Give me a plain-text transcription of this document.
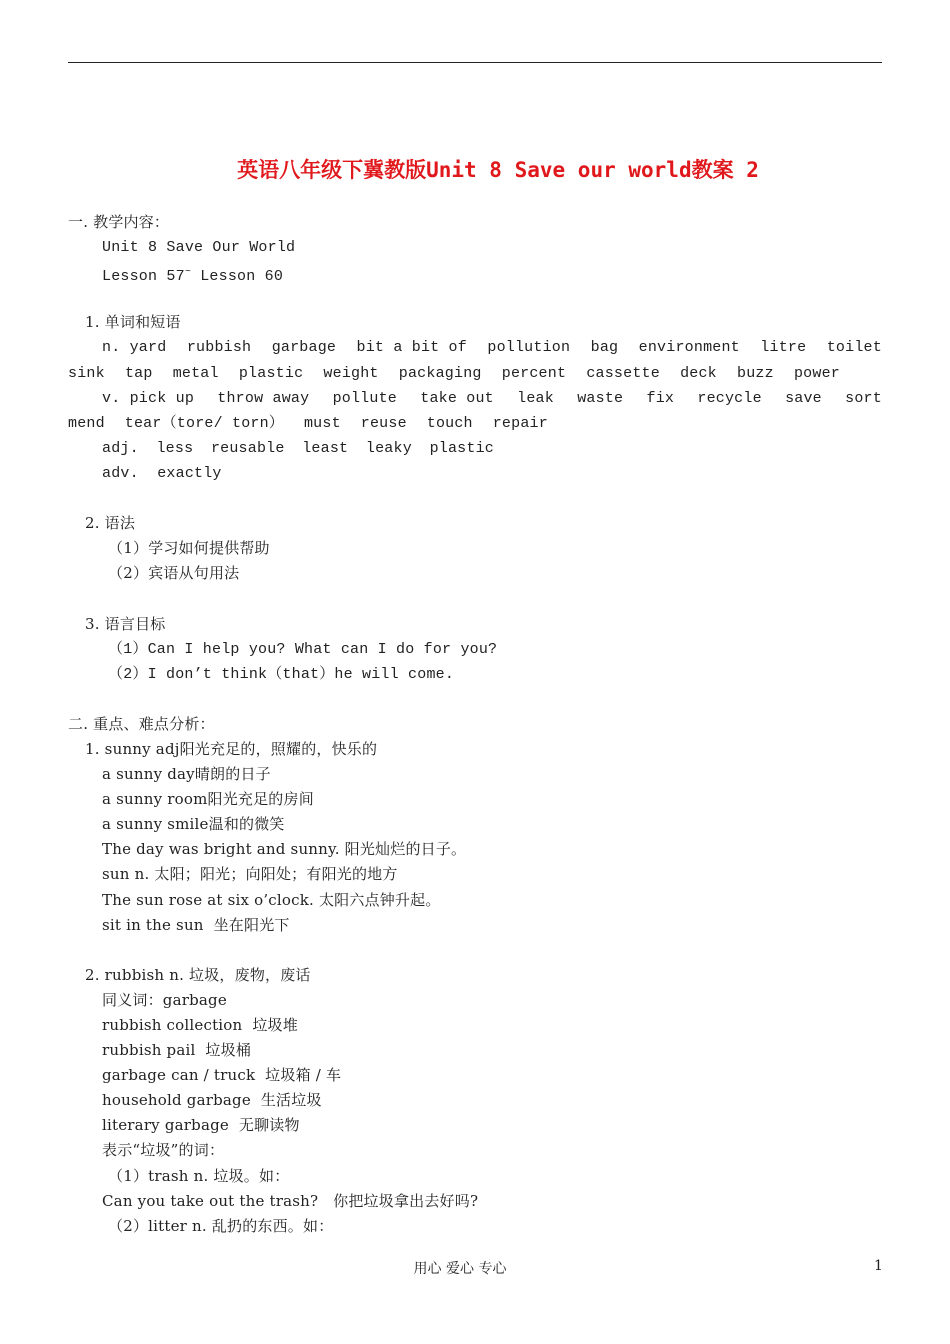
英语八年级下冀教版Unit 8 Save our world教案 2
一. 教学内容：
Unit 8 Save Our World
Lesson 57~ Lesson 60
1. 单词和短语
n. yard rubbish garbage bit a bit of pollution bag environment litre toilet
sink tap metal plastic weight packaging percent cassette deck buzz power
v. pick up throw away pollute take out leak waste fix recycle save sort
mend tear（tore/ torn） must reuse touch repair
adj. less reusable least leaky plastic
adv.  exactly
2. 语法
（1）学习如何提供帮助
（2）宾语从句用法
3. 语言目标
（1）Can I help you? What can I do for you?
（2）I don’t think（that）he will come.
二. 重点、难点分析：
1. sunny adj阳光充足的，照耀的，快乐的
a sunny day晴朗的日子
a sunny room阳光充足的房间
a sunny smile温和的微笑
The day was bright and sunny. 阳光灿烂的日子。
sun n. 太阳；阳光；向阳处；有阳光的地方
The sun rose at six o’clock. 太阳六点钟升起。
sit in the sun  坐在阳光下
2. rubbish n. 垃圾，废物，废话
同义词：garbage
rubbish collection  垃圾堆
rubbish pail  垃圾桶
garbage can / truck  垃圾箱 / 车
household garbage  生活垃圾
literary garbage  无聊读物
表示“垃圾”的词：
（1）trash n. 垃圾。如：
Can you take out the trash?   你把垃圾拿出去好吗?
（2）litter n. 乱扔的东西。如：
用心 爱心 专心	1
